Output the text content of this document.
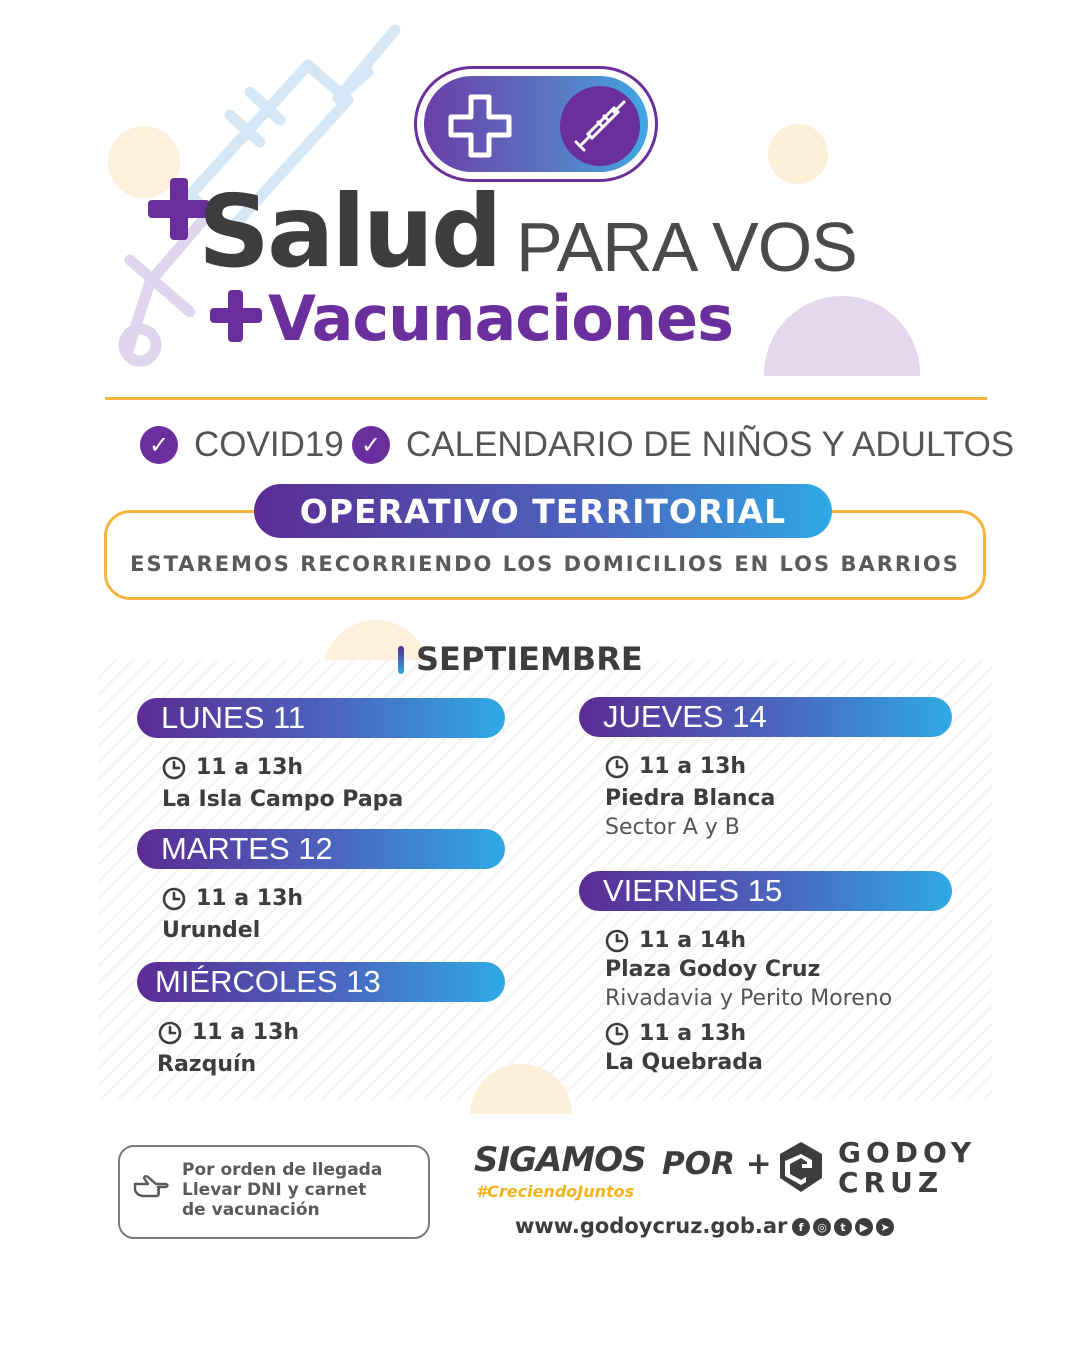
Salud PARA VOS
Vacunaciones
✓ COVID19 ✓ CALENDARIO DE NIÑOS Y ADULTOS
OPERATIVO TERRITORIAL
ESTAREMOS RECORRIENDO LOS DOMICILIOS EN LOS BARRIOS
SEPTIEMBRE
LUNES 11
11 a 13h
La Isla Campo Papa
MARTES 12
11 a 13h
Urundel
MIÉRCOLES 13
11 a 13h
Razquín
JUEVES 14
11 a 13h
Piedra Blanca
Sector A y B
VIERNES 15
11 a 14h
Plaza Godoy Cruz
Rivadavia y Perito Moreno
11 a 13h
La Quebrada
Por orden de llegada
Llevar DNI y carnet
de vacunación
SIGAMOS
#CreciendoJuntos
POR + GODOY
CRUZ
www.godoycruz.gob.ar	f	◎	t	▶	➤
